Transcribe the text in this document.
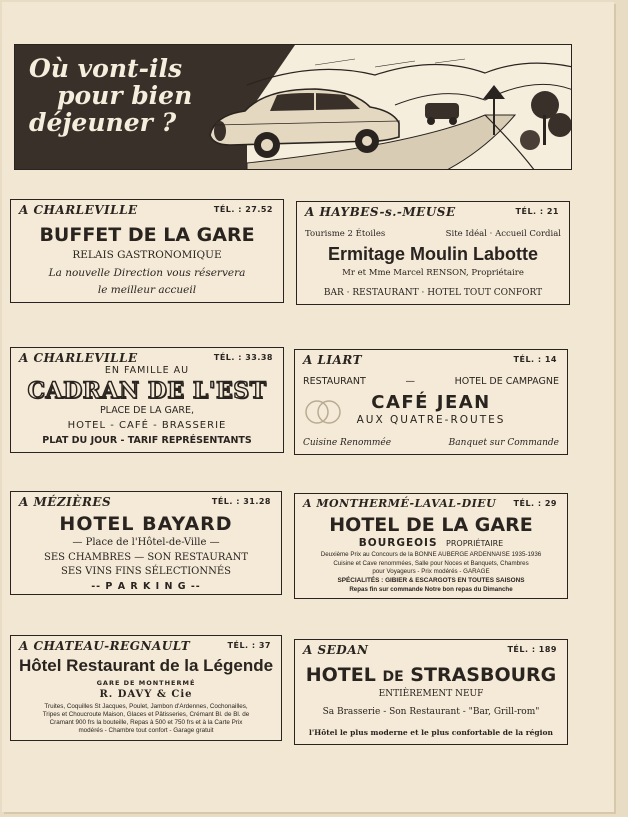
Où vont-ils
pour bien
déjeuner ?
A CHARLEVILLE	TÉL. : 27.52
BUFFET DE LA GARE
RELAIS GASTRONOMIQUE
La nouvelle Direction vous réservera
le meilleur accueil
A HAYBES-s.-MEUSE	TÉL. : 21
Tourisme 2 Étoiles	Site Idéal · Accueil Cordial
Ermitage Moulin Labotte
Mr et Mme Marcel RENSON, Propriétaire
BAR · RESTAURANT · HOTEL TOUT CONFORT
A CHARLEVILLE	TÉL. : 33.38
EN FAMILLE AU
CADRAN DE L'EST
PLACE DE LA GARE,
HOTEL - CAFÉ - BRASSERIE
PLAT DU JOUR - TARIF REPRÉSENTANTS
A LIART	TÉL. : 14
RESTAURANT	—	HOTEL DE CAMPAGNE
CAFÉ JEAN
AUX QUATRE-ROUTES
Cuisine Renommée	Banquet sur Commande
A MÉZIÈRES	TÉL. : 31.28
HOTEL BAYARD
— Place de l'Hôtel-de-Ville —
SES CHAMBRES — SON RESTAURANT
SES VINS FINS SÉLECTIONNÉS
-- P A R K I N G --
A MONTHERMÉ-LAVAL-DIEU TÉL. : 29
HOTEL DE LA GARE
BOURGEOIS PROPRIÉTAIRE
Deuxième Prix au Concours de la BONNE AUBERGE ARDENNAISE 1935-1936
Cuisine et Cave renommées, Salle pour Noces et Banquets, Chambres
pour Voyageurs - Prix modérés - GARAGE
SPÉCIALITÉS : GIBIER & ESCARGOTS EN TOUTES SAISONS
Repas fin sur commande Notre bon repas du Dimanche
A CHATEAU-REGNAULT	TÉL. : 37
Hôtel Restaurant de la Légende
GARE DE MONTHERMÉ
R. DAVY & Cie
Truites, Coquilles St Jacques, Poulet, Jambon d'Ardennes, Cochonailles,
Tripes et Choucroute Maison, Glaces et Pâtisseries, Crémant Bl. de Bl. de
Cramant 900 frs la bouteille, Repas à 500 et 750 frs et à la Carte Prix
modérés - Chambre tout confort - Garage gratuit
A SEDAN	TÉL. : 189
HOTEL DE STRASBOURG
ENTIÈREMENT NEUF
Sa Brasserie - Son Restaurant - "Bar, Grill-rom"
l'Hôtel le plus moderne et le plus confortable de la région
